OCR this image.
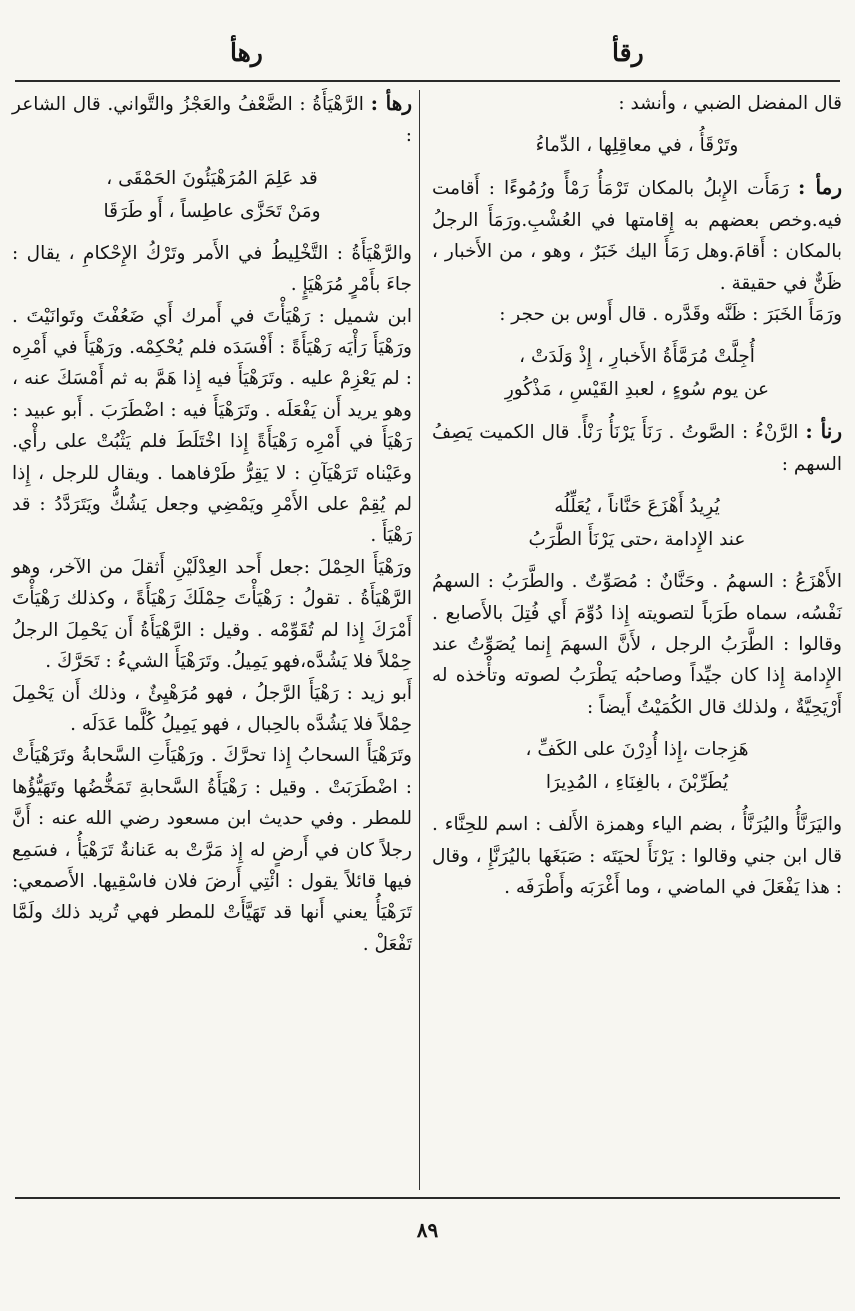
رهأ	رقأ

قال المفضل الضبي ، وأنشد :

وتَرْقَأُ ، في معاقِلِها ، الدِّماءُ

رمأ : رَمَأَت الإِبلُ بالمكان تَرْمَأُ رَمْأً ورُمُوءًا : أَقامت فيه.وخص بعضهم به إِقامتها في العُشْبِ.ورَمَأَ الرجلُ بالمكان : أَقامَ.وهل رَمَأَ اليك خَبَرٌ ، وهو ، من الأَخبار ، ظَنٌّ في حقيقة .

ورَمَأَ الخَبَرَ : ظَنَّه وقَدَّره . قال أَوس بن حجر :

أُجِلَّتْ مُرَمَّأَةُ الأَخبارِ ، إِذْ وَلَدَتْ ،
عن يوم سُوءٍ ، لعبدِ القَيْسِ ، مَذْكُورِ

رنأ : الرَّنْءُ : الصَّوتُ . رَنَأَ يَرْنَأُ رَنْأً. قال الكميت يَصِفُ السهم :

يُرِيدُ أَهْزَعَ حَنَّاناً ، يُعَلِّلُه
عند الإِدامة ،حتى يَرْنَأَ الطَّرَبُ

الأَهْزَعُ : السهمُ . وحَنَّانٌ : مُصَوِّتٌ . والطَّرَبُ : السهمُ نَفْسُه، سماه طَرَباً لتصويته إِذا دُوِّمَ أَي فُتِلَ بالأَصابع . وقالوا : الطَّرَبُ الرجل ، لأَنَّ السهمَ إِنما يُصَوِّتُ عند الإِدامة إِذا كان جيِّداً وصاحبُه يَطْرَبُ لصوته وتأْخذه له أَرْيَحِيَّةٌ ، ولذلك قال الكُمَيْتُ أَيضاً :

هَزِجات ،إِذا أُدِرْنَ على الكَفِّ ،
يُطَرِّبْنَ ، بالغِنَاءِ ، المُدِيرَا

واليَرَنَّأُ واليُرَنَّأُ ، بضم الياء وهمزة الأَلف : اسم للحِنَّاء . قال ابن جني وقالوا : يَرْنَأَ لحيَتَه : صَبَغَها باليُرَنَّإِ ، وقال : هذا يَفْعَلَ في الماضي ، وما أَغْرَبَه وأَطْرَفَه .

رهأ : الرَّهْيَأَةُ : الضَّعْفُ والعَجْزُ والتَّواني. قال الشاعر :

قد عَلِمَ المُرَهْيَئُونَ الحَمْقَى ،
ومَنْ تَحَزَّى عاطِساً ، أَو طَرَقَا

والرَّهْيَأَةُ : التَّخْلِيطُ في الأَمر وتَرْكُ الإِحْكامِ ، يقال : جاءَ بأَمْرٍ مُرَهْيَإٍ .

ابن شميل : رَهْيَأْتَ في أَمرك أَي ضَعُفْتَ وتَوانَيْتَ . ورَهْيَأَ رَأْيَه رَهْيَأَةً : أَفْسَدَه فلم يُحْكِمْه. ورَهْيَأَ في أَمْرِه : لم يَعْزِمْ عليه . وتَرَهْيَأَ فيه إِذا هَمَّ به ثم أَمْسَكَ عنه ، وهو يريد أَن يَفْعَلَه . وتَرَهْيَأَ فيه : اضْطَرَبَ . أَبو عبيد : رَهْيَأَ في أَمْرِه رَهْيَأَةً إِذا اخْتَلَطَ فلم يَثْبُتْ على رأْي. وعَيْناه تَرَهْيَآنِ : لا يَقِرُّ طَرْفاهما . ويقال للرجل ، إِذا لم يُقِمْ على الأَمْرِ ويَمْضِي وجعل يَشُكُّ ويَتَرَدَّدُ : قد رَهْيَأَ .

ورَهْيَأَ الحِمْلَ :جعل أَحد العِدْلَيْنِ أَثقلَ من الآخر، وهو الرَّهْيَأَةُ . تقولُ : رَهْيَأْتَ حِمْلَكَ رَهْيَأَةً ، وكذلك رَهْيَأْتَ أَمْرَكَ إِذا لم تُقَوِّمْه . وقيل : الرَّهْيَأَةُ أَن يَحْمِلَ الرجلُ حِمْلاً فلا يَشُدَّه،فهو يَمِيلُ. وتَرَهْيَأَ الشيءُ : تَحَرَّكَ .

أَبو زيد : رَهْيَأَ الرَّجلُ ، فهو مُرَهْيِئٌ ، وذلك أَن يَحْمِلَ حِمْلاً فلا يَشُدَّه بالحِبال ، فهو يَمِيلُ كُلَّما عَدَلَه .

وتَرَهْيَأَ السحابُ إِذا تحرَّكَ . ورَهْيَأَتِ السَّحابةُ وتَرَهْيَأَتْ : اضْطَرَبَتْ . وقيل : رَهْيَأَةُ السَّحابةِ تَمَخُّضُها وتَهَيُّؤُها للمطر . وفي حديث ابن مسعود رضي الله عنه : أَنَّ رجلاً كان في أَرضٍ له إِذ مَرَّتْ به عَنانةٌ تَرَهْيَأُ ، فسَمِع فيها قائلاً يقول : ائْتِي أَرضَ فلان فاسْقِيها. الأَصمعي: تَرَهْيَأُ يعني أَنها قد تَهَيَّأَتْ للمطر فهي تُريد ذلك ولَمَّا تَفْعَلْ .

٨٩
